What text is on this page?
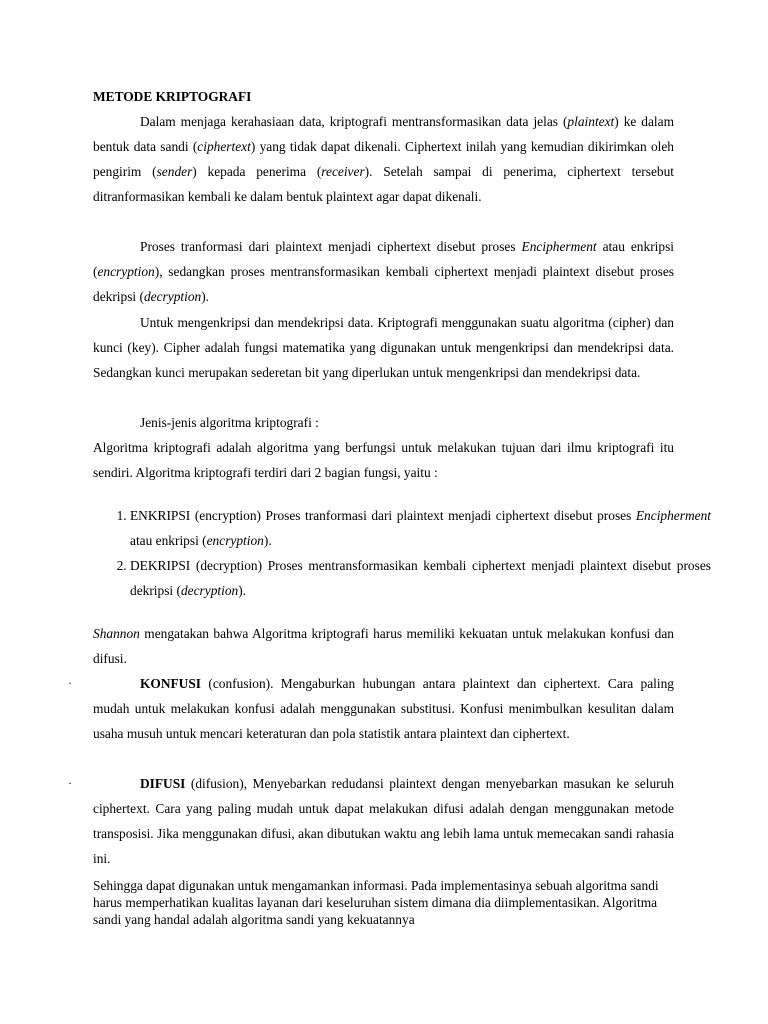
METODE KRIPTOGRAFI

Dalam menjaga kerahasiaan data, kriptografi mentransformasikan data jelas (plaintext) ke dalam bentuk data sandi (ciphertext) yang tidak dapat dikenali. Ciphertext inilah yang kemudian dikirimkan oleh pengirim (sender) kepada penerima (receiver). Setelah sampai di penerima, ciphertext tersebut ditranformasikan kembali ke dalam bentuk plaintext agar dapat dikenali.

Proses tranformasi dari plaintext menjadi ciphertext disebut proses Encipherment atau enkripsi (encryption), sedangkan proses mentransformasikan kembali ciphertext menjadi plaintext disebut proses dekripsi (decryption).

Untuk mengenkripsi dan mendekripsi data. Kriptografi menggunakan suatu algoritma (cipher) dan kunci (key). Cipher adalah fungsi matematika yang digunakan untuk mengenkripsi dan mendekripsi data. Sedangkan kunci merupakan sederetan bit yang diperlukan untuk mengenkripsi dan mendekripsi data.

Jenis-jenis algoritma kriptografi :

Algoritma kriptografi adalah algoritma yang berfungsi untuk melakukan tujuan dari ilmu kriptografi itu sendiri. Algoritma kriptografi terdiri dari 2 bagian fungsi, yaitu :

1. ENKRIPSI (encryption) Proses tranformasi dari plaintext menjadi ciphertext disebut proses Encipherment atau enkripsi (encryption).
2. DEKRIPSI (decryption) Proses mentransformasikan kembali ciphertext menjadi plaintext disebut proses dekripsi (decryption).

Shannon mengatakan bahwa Algoritma kriptografi harus memiliki kekuatan untuk melakukan konfusi dan difusi.

·	KONFUSI (confusion). Mengaburkan hubungan antara plaintext dan ciphertext. Cara paling mudah untuk melakukan konfusi adalah menggunakan substitusi. Konfusi menimbulkan kesulitan dalam usaha musuh untuk mencari keteraturan dan pola statistik antara plaintext dan ciphertext.

·	DIFUSI (difusion), Menyebarkan redudansi plaintext dengan menyebarkan masukan ke seluruh ciphertext. Cara yang paling mudah untuk dapat melakukan difusi adalah dengan menggunakan metode transposisi. Jika menggunakan difusi, akan dibutukan waktu ang lebih lama untuk memecakan sandi rahasia ini.

Sehingga dapat digunakan untuk mengamankan informasi. Pada implementasinya sebuah algoritma sandi harus memperhatikan kualitas layanan dari keseluruhan sistem dimana dia diimplementasikan. Algoritma sandi yang handal adalah algoritma sandi yang kekuatannya
